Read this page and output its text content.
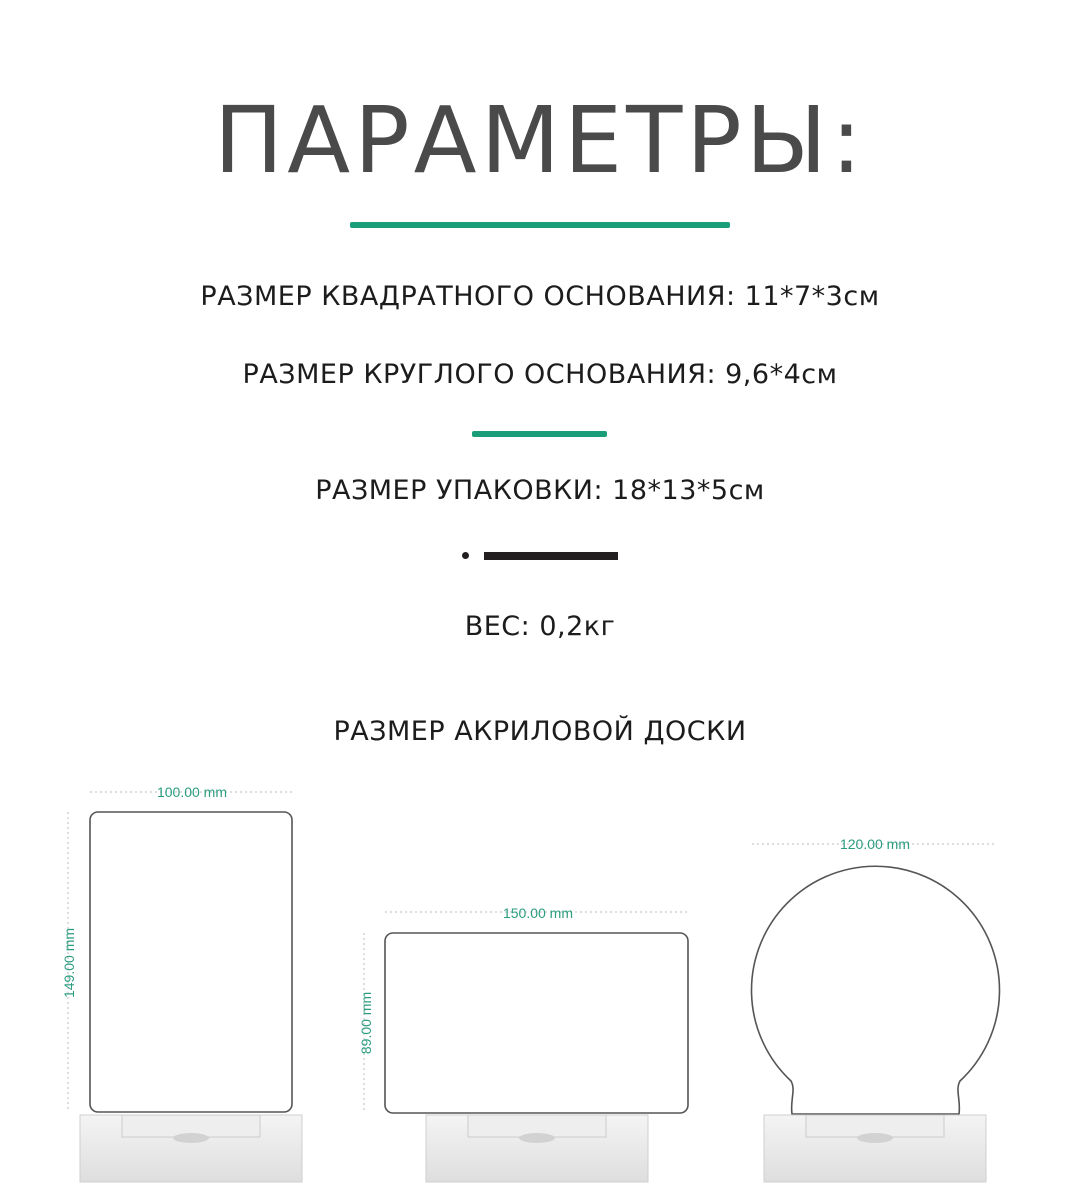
ПАРАМЕТРЫ:
РАЗМЕР КВАДРАТНОГО ОСНОВАНИЯ: 11*7*3см
РАЗМЕР КРУГЛОГО ОСНОВАНИЯ: 9,6*4см
РАЗМЕР УПАКОВКИ: 18*13*5см
ВЕС: 0,2кг
РАЗМЕР АКРИЛОВОЙ ДОСКИ
100.00 mm
149.00 mm
150.00 mm
89.00 mm
120.00 mm
